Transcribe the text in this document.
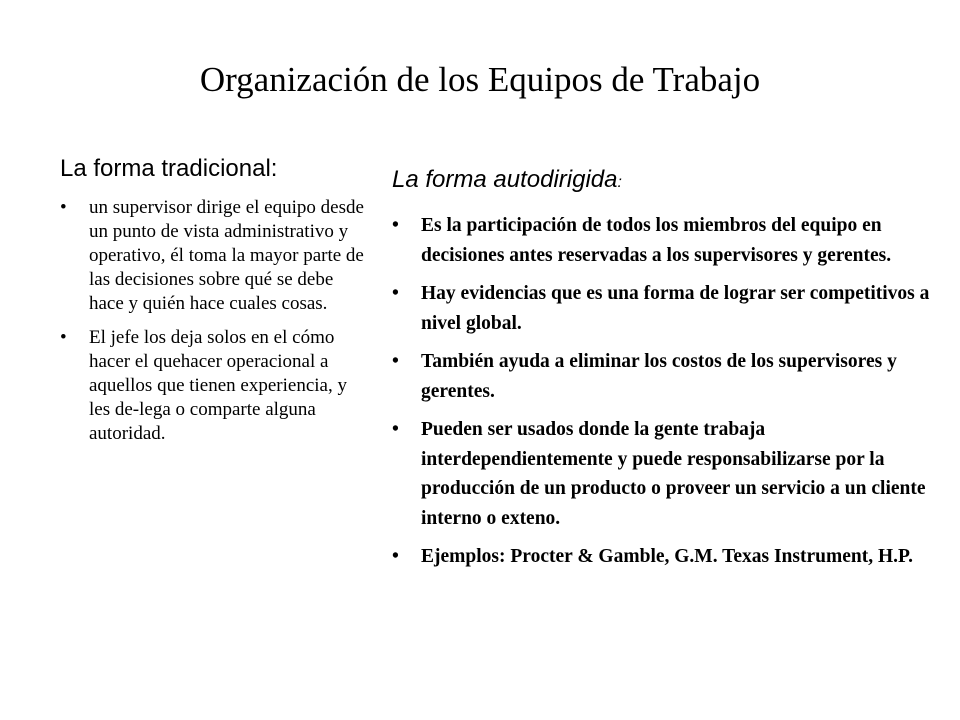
Organización de los Equipos de Trabajo
La forma tradicional:
• un supervisor dirige el equipo desde un punto de vista administrativo y operativo, él toma la mayor parte de las decisiones sobre qué se debe hace y quién hace cuales cosas.
• El jefe los deja solos en el cómo hacer el quehacer operacional a aquellos que tienen experiencia, y les de-lega o comparte alguna autoridad.
La forma autodirigida:
• Es la participación de todos los miembros del equipo en decisiones antes reservadas a los supervisores y gerentes.
• Hay evidencias que es una forma de lograr ser competitivos a nivel global.
• También ayuda a eliminar los costos de los supervisores y gerentes.
• Pueden ser usados donde la gente trabaja interdependientemente y puede responsabilizarse por la producción de un producto o proveer un servicio a un cliente interno o exteno.
• Ejemplos: Procter & Gamble, G.M. Texas Instrument, H.P.
